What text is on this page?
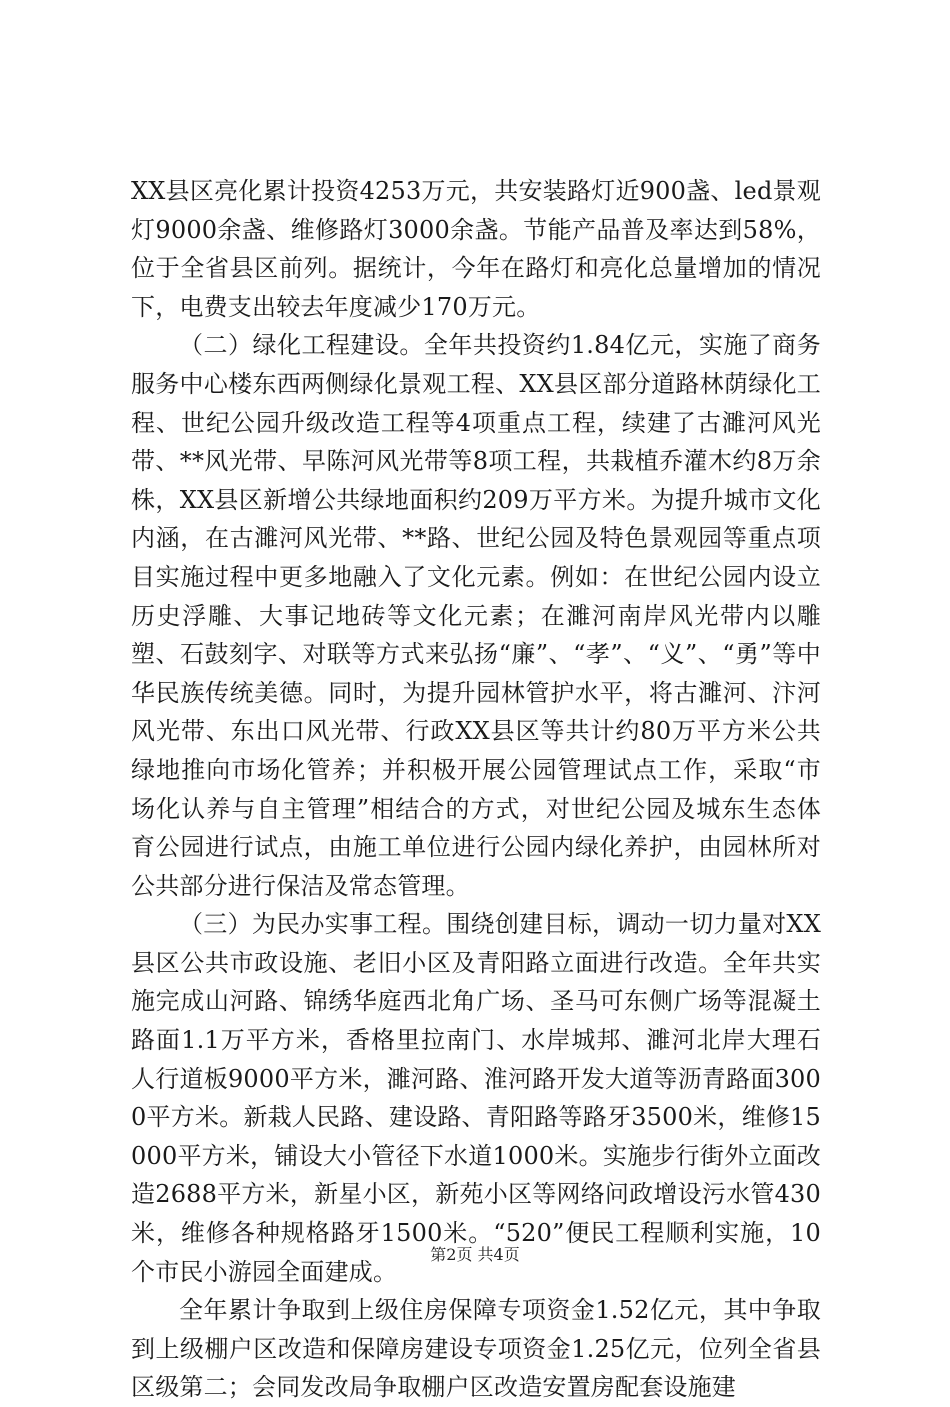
XX县区亮化累计投资4253万元，共安装路灯近900盏、led景观灯9000余盏、维修路灯3000余盏。节能产品普及率达到58%，位于全省县区前列。据统计，今年在路灯和亮化总量增加的情况下，电费支出较去年度减少170万元。

（二）绿化工程建设。全年共投资约1.84亿元，实施了商务服务中心楼东西两侧绿化景观工程、XX县区部分道路林荫绿化工程、世纪公园升级改造工程等4项重点工程，续建了古濉河风光带、**风光带、早陈河风光带等8项工程，共栽植乔灌木约8万余株，XX县区新增公共绿地面积约209万平方米。为提升城市文化内涵，在古濉河风光带、**路、世纪公园及特色景观园等重点项目实施过程中更多地融入了文化元素。例如：在世纪公园内设立历史浮雕、大事记地砖等文化元素；在濉河南岸风光带内以雕塑、石鼓刻字、对联等方式来弘扬“廉”、“孝”、“义”、“勇”等中华民族传统美德。同时，为提升园林管护水平，将古濉河、汴河风光带、东出口风光带、行政XX县区等共计约80万平方米公共绿地推向市场化管养；并积极开展公园管理试点工作，采取“市场化认养与自主管理”相结合的方式，对世纪公园及城东生态体育公园进行试点，由施工单位进行公园内绿化养护，由园林所对公共部分进行保洁及常态管理。

（三）为民办实事工程。围绕创建目标，调动一切力量对XX县区公共市政设施、老旧小区及青阳路立面进行改造。全年共实施完成山河路、锦绣华庭西北角广场、圣马可东侧广场等混凝土路面1.1万平方米，香格里拉南门、水岸城邦、濉河北岸大理石人行道板9000平方米，濉河路、淮河路开发大道等沥青路面3000平方米。新栽人民路、建设路、青阳路等路牙3500米，维修15000平方米，铺设大小管径下水道1000米。实施步行街外立面改造2688平方米，新星小区，新苑小区等网络问政增设污水管430米，维修各种规格路牙1500米。“520”便民工程顺利实施，10个市民小游园全面建成。

全年累计争取到上级住房保障专项资金1.52亿元，其中争取到上级棚户区改造和保障房建设专项资金1.25亿元，位列全省县区级第二；会同发改局争取棚户区改造安置房配套设施建

第2页 共4页
